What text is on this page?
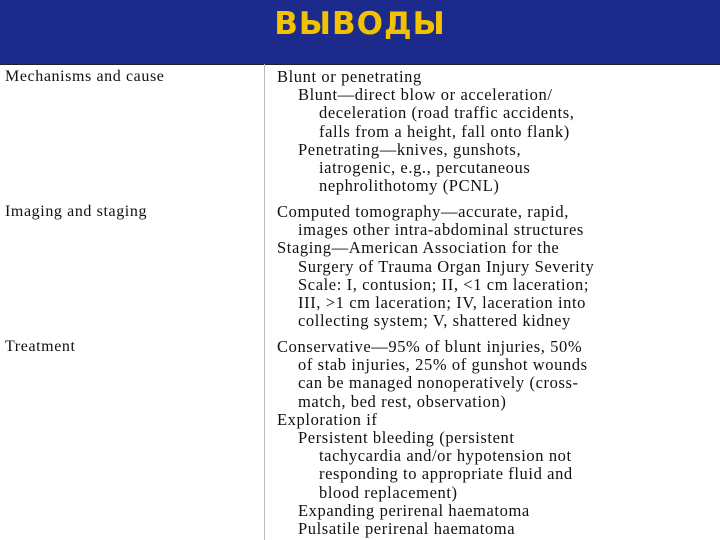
ВЫВОДЫ
Mechanisms and cause	Blunt or penetrating
Blunt—direct blow or acceleration/
deceleration (road traffic accidents,
falls from a height, fall onto flank)
Penetrating—knives, gunshots,
iatrogenic, e.g., percutaneous
nephrolithotomy (PCNL)
Imaging and staging	Computed tomography—accurate, rapid,
images other intra-abdominal structures
Staging—American Association for the
Surgery of Trauma Organ Injury Severity
Scale: I, contusion; II, <1 cm laceration;
III, >1 cm laceration; IV, laceration into
collecting system; V, shattered kidney
Treatment	Conservative—95% of blunt injuries, 50%
of stab injuries, 25% of gunshot wounds
can be managed nonoperatively (cross-
match, bed rest, observation)
Exploration if
Persistent bleeding (persistent
tachycardia and/or hypotension not
responding to appropriate fluid and
blood replacement)
Expanding perirenal haematoma
Pulsatile perirenal haematoma
